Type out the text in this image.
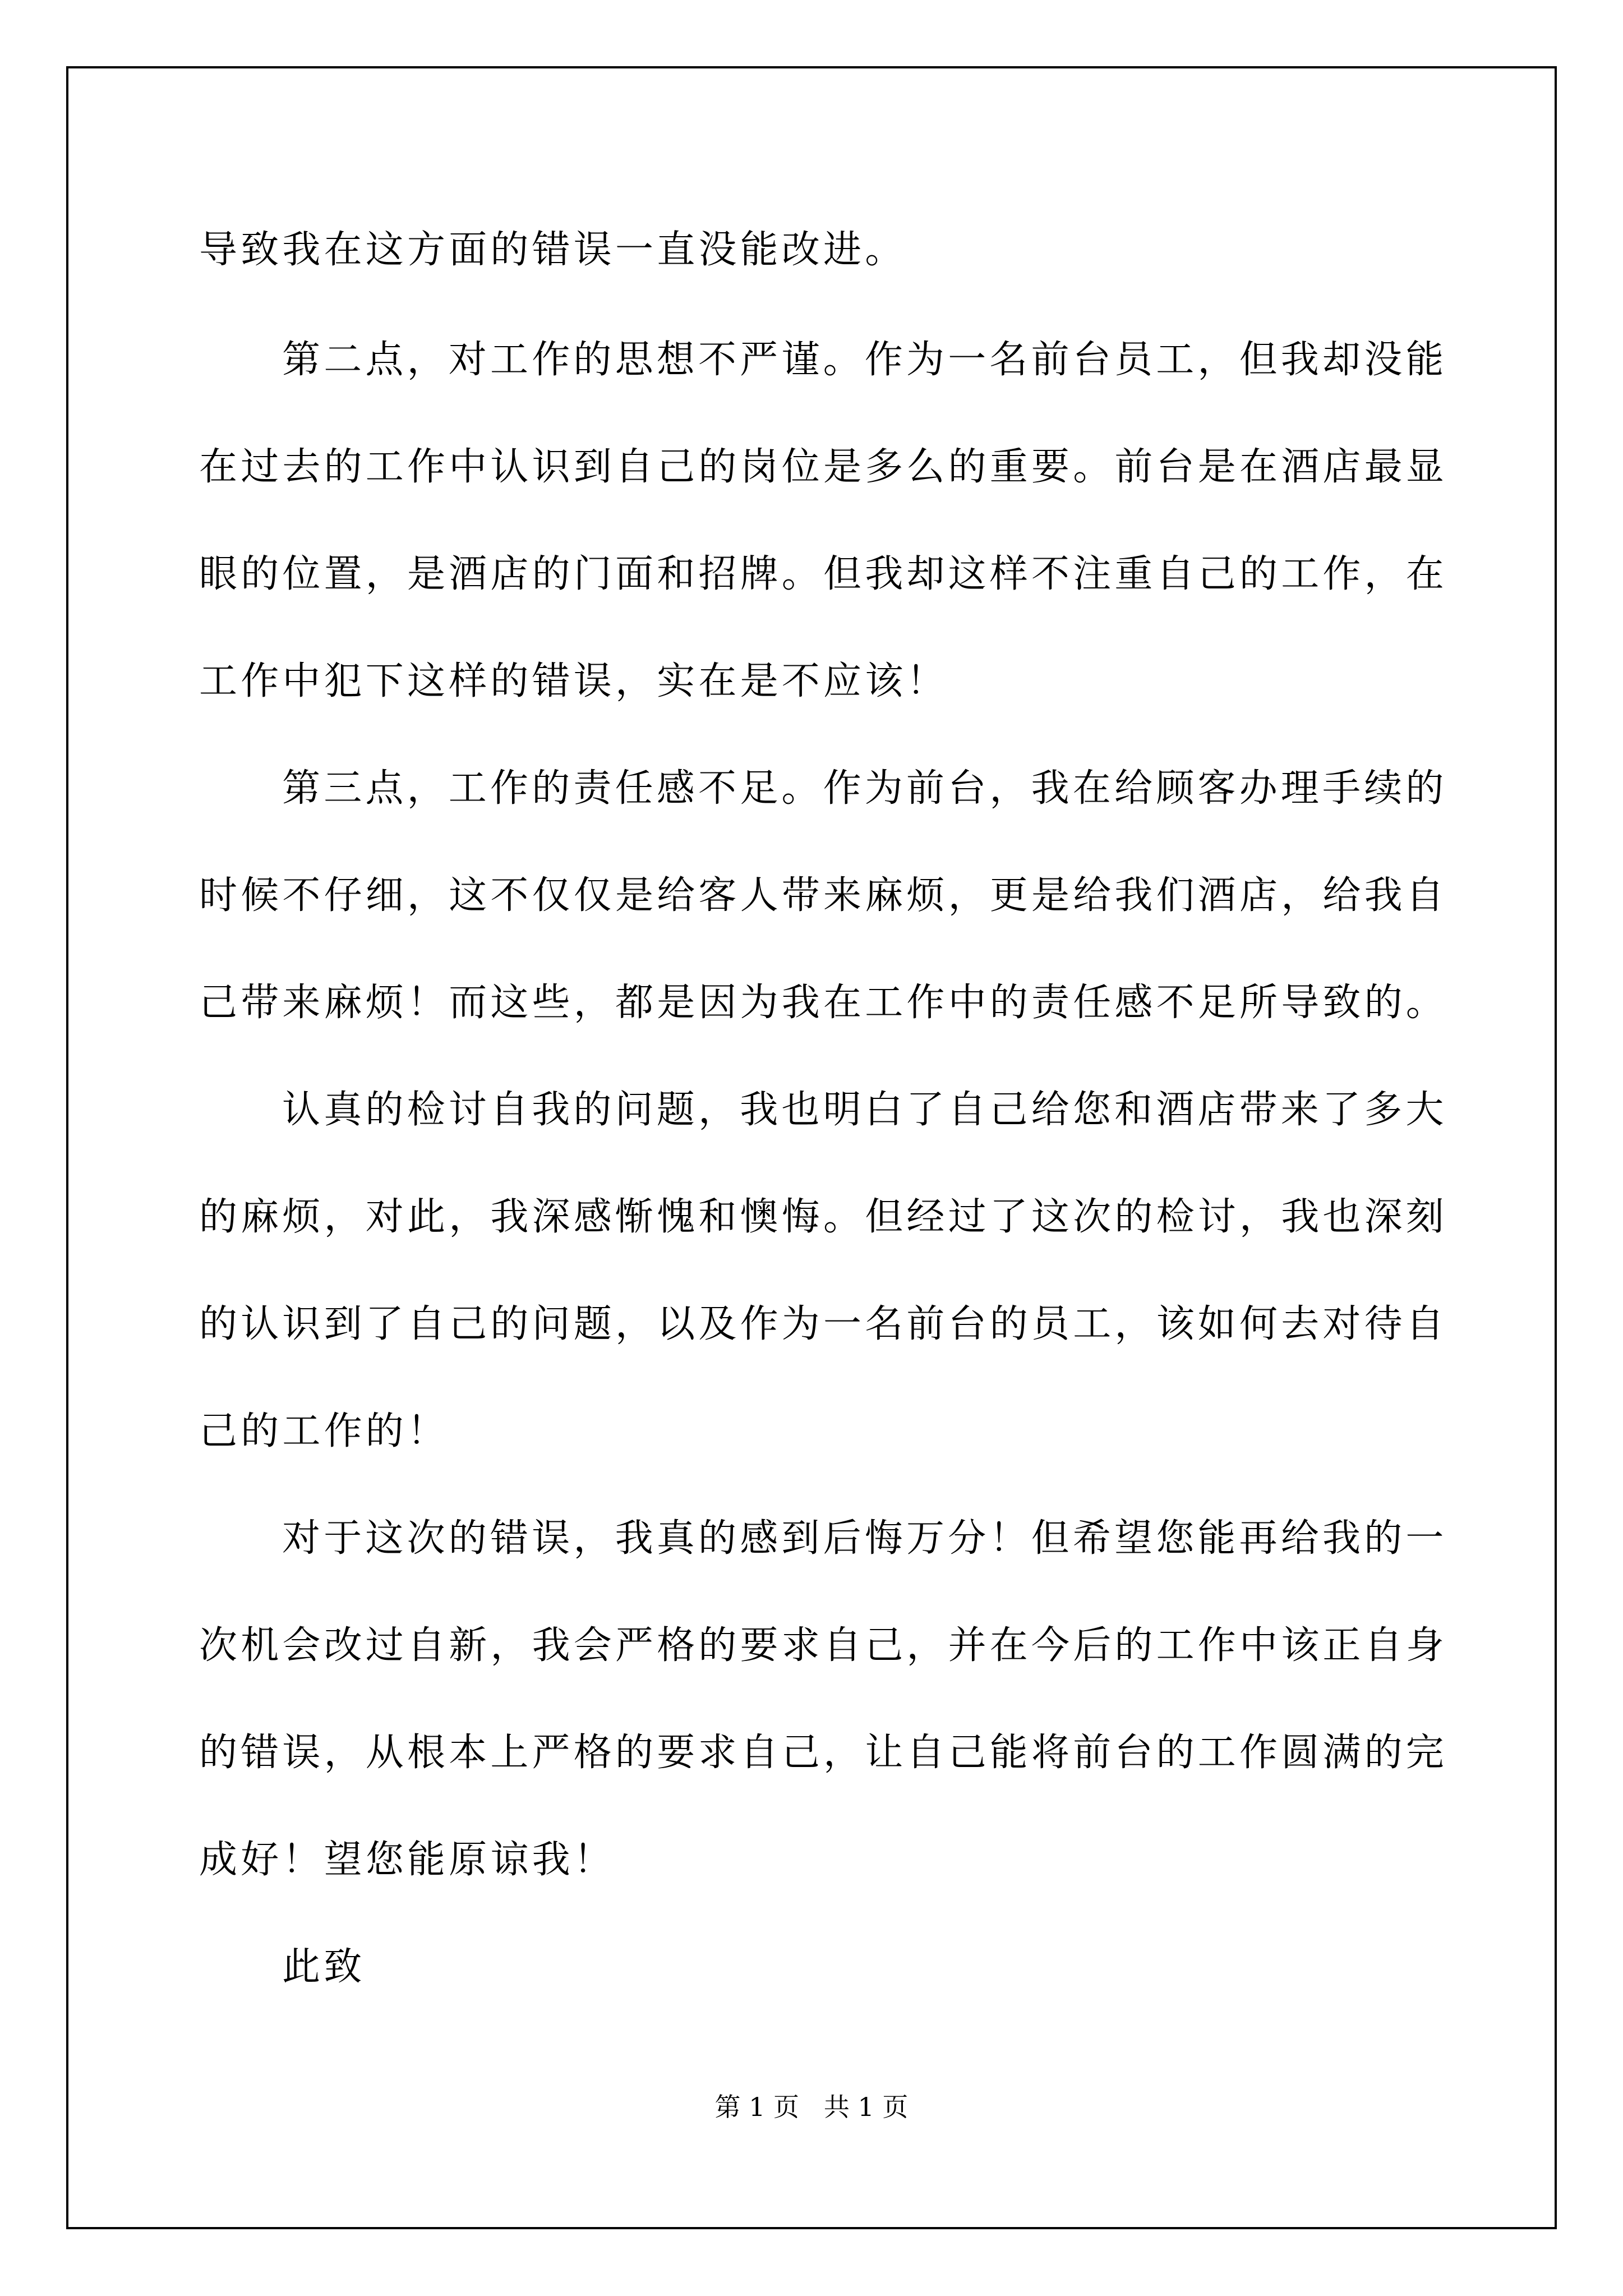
导致我在这方面的错误一直没能改进。
第二点，对工作的思想不严谨。作为一名前台员工，但我却没能
在过去的工作中认识到自己的岗位是多么的重要。前台是在酒店最显
眼的位置，是酒店的门面和招牌。但我却这样不注重自己的工作，在
工作中犯下这样的错误，实在是不应该！
第三点，工作的责任感不足。作为前台，我在给顾客办理手续的
时候不仔细，这不仅仅是给客人带来麻烦，更是给我们酒店，给我自
己带来麻烦！而这些，都是因为我在工作中的责任感不足所导致的。
认真的检讨自我的问题，我也明白了自己给您和酒店带来了多大
的麻烦，对此，我深感惭愧和懊悔。但经过了这次的检讨，我也深刻
的认识到了自己的问题，以及作为一名前台的员工，该如何去对待自
己的工作的！
对于这次的错误，我真的感到后悔万分！但希望您能再给我的一
次机会改过自新，我会严格的要求自己，并在今后的工作中该正自身
的错误，从根本上严格的要求自己，让自己能将前台的工作圆满的完
成好！望您能原谅我！
此致
第 1 页   共 1 页
